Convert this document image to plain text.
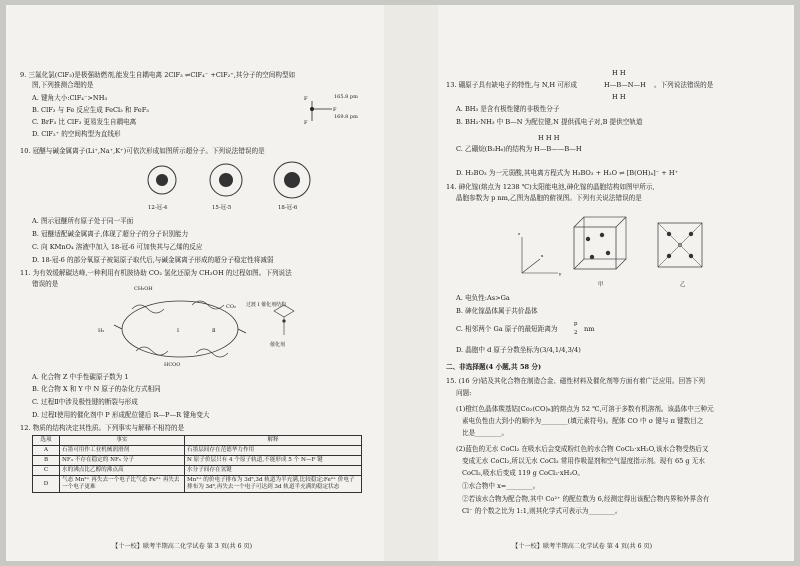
9. 三氟化氯(ClF₃)是极强助燃剂,能发生自耦电离 2ClF₃ ⇌ClF₄⁻ +ClF₂⁺,其分子的空间构型如
图,下列推测合理的是
A. 键角大小:ClF₄⁻>NH₃
B. ClF₃ 与 Fe 反应生成 FeCl₃ 和 FeF₃
C. BrF₃ 比 ClF₃ 更易发生自耦电离
D. ClF₂⁺ 的空间构型为直线形
F
F
F
165.8 pm
169.8 pm
10. 冠醚与碱金属离子(Li⁺,Na⁺,K⁺)可依次形成如图所示超分子。下列说法错误的是
12-冠-4	15-冠-5	18-冠-6
A. 图示冠醚所有原子处于同一平面
B. 冠醚适配碱金属离子,体现了超分子的分子识别能力
C. 向 KMnO₄ 溶液中加入 18-冠-6 可加快其与乙烯的反应
D. 18-冠-6 的部分氧原子被氮原子取代后,与碱金属离子形成的超分子稳定性将减弱
11. 为有效缓解碳达峰,一种利用有机胺协助 CO₂ 氢化还原为 CH₃OH 的过程如图。下列说法
错误的是
Ⅰ	Ⅱ
CH₃OH
CO₂
H₂
HCOO
过渡 Ⅰ 催化剂结构
催化剂
A. 化合物 Z 中手性碳原子数为 1
B. 化合物 X 和 Y 中 N 原子的杂化方式相同
C. 过程Ⅱ中涉及极性键的断裂与形成
D. 过程Ⅰ使用的催化剂中 P 形成配位键后 R—P—R 键角变大
12. 物质的结构决定其性质。下列事实与解释不相符的是
选项	事实	解释
A	石墨可用作工业机械润滑剂	石墨层间存在范德华力作用
B	NF₃ 不存在稳定的 NF₅ 分子	N 原子价层只有 4 个原子轨道,不能形成 5 个 N—F 键
C	水的沸点比乙醇的沸点高	水分子间存在氢键
D	气态 Mn²⁺ 再失去一个电子比气态 Fe²⁺ 再失去一个电子更难	Mn²⁺ 的价电子排布为 3d⁵,3d 轨道为半充满,比较稳定;Fe²⁺ 价电子排布为 3d⁶,再失去一个电子可达到 3d 轨道半充满的稳定状态
【十一校】联考半期高二化学试卷 第 3 页(共 6 页)
H H
H—B—N—H
H H
13. 硼原子具有缺电子的特性,与 N,H 可形成	。下列说法错误的是
A. BH₃ 是含有极性键的非极性分子
B. BH₃·NH₃ 中 B—N 为配位键,N 提供孤电子对,B 提供空轨道
C. 乙硼烷(B₂H₆)的结构为
H H H
H—B——B—H
D. H₃BO₃ 为一元弱酸,其电离方程式为 H₃BO₃ + H₂O ⇌ [B(OH)₄]⁻ + H⁺
14. 砷化镓(熔点为 1238 ℃)太阳能电池,砷化镓的晶胞结构如图甲所示,
晶胞参数为 p nm,乙图为晶胞的俯视图。下列有关说法错误的是
z
y
x
甲	乙
A. 电负性:As>Ga
B. 砷化镓晶体属于共价晶体
C. 相邻两个 Ga 原子的最短距离为
p
2 nm
D. 晶胞中 d 原子分数坐标为(3/4,1/4,3/4)
二、非选择题(4 小题,共 58 分)
15. (16 分)钴及其化合物在制造合金、磁性材料及催化剂等方面有着广泛应用。回答下列
问题:
(1)橙红色晶体羰基钴[Co₂(CO)₈]的熔点为 52 ℃,可溶于多数有机溶剂。该晶体中三种元
素电负性由大到小的顺序为________(填元素符号)。配体 CO 中 σ 键与 π 键数目之
比是________。
(2)蓝色的无水 CoCl₂ 在吸水后会变成粉红色的水合物 CoCl₂·xH₂O,该水合物受热后又
变成无水 CoCl₂,所以无水 CoCl₂ 常用作吸湿剂和空气湿度指示剂。现有 65 g 无水
CoCl₂,吸水后变成 119 g CoCl₂·xH₂O。
①水合物中 x=________。
②若该水合物为配合物,其中 Co²⁺ 的配位数为 6,经测定得出该配合物内界和外界含有
Cl⁻ 的个数之比为 1:1,则其化学式可表示为________。
【十一校】联考半期高二化学试卷 第 4 页(共 6 页)
